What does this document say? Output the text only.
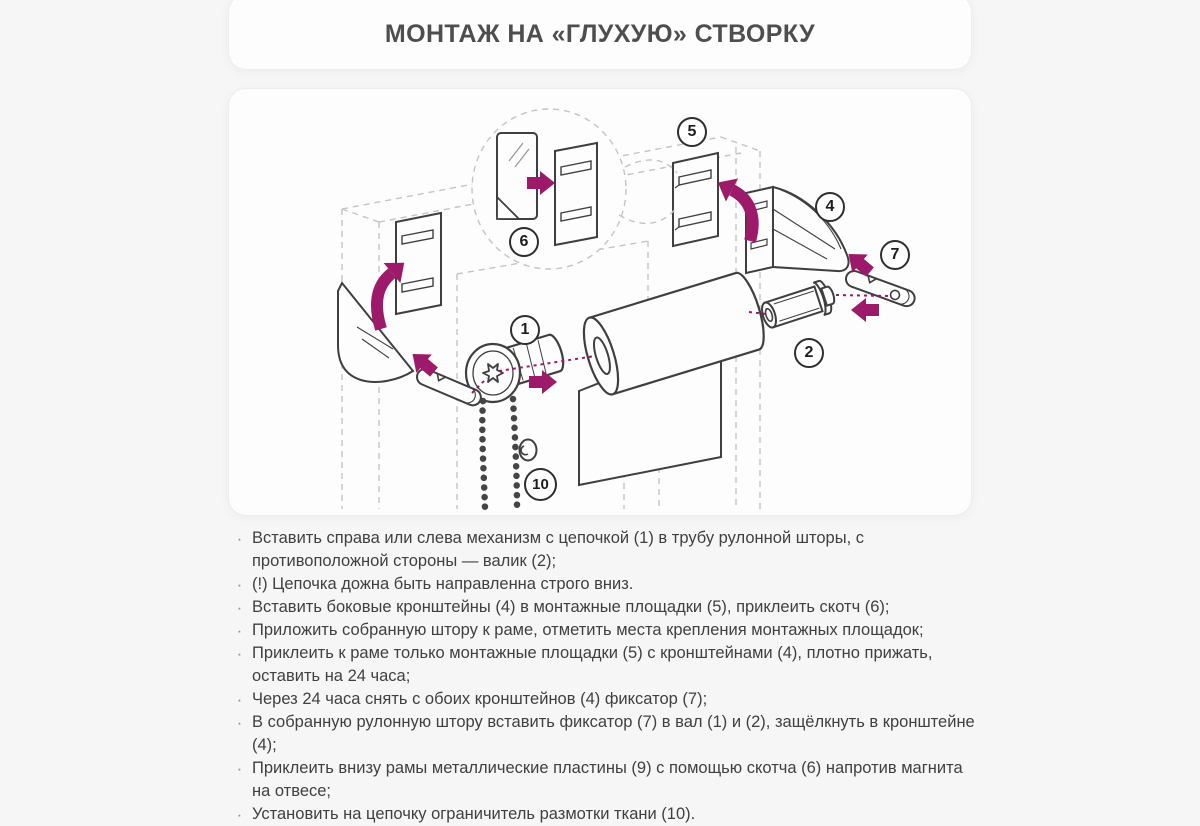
МОНТАЖ НА «ГЛУХУЮ» СТВОРКУ
1
2
4
5
6
7
10
· Вставить справа или слева механизм с цепочкой (1) в трубу рулонной шторы, с противоположной стороны — валик (2);
· (!) Цепочка дожна быть направленна строго вниз.
· Вставить боковые кронштейны (4) в монтажные площадки (5), приклеить скотч (6);
· Приложить собранную штору к раме, отметить места крепления монтажных площадок;
· Приклеить к раме только монтажные площадки (5) с кронштейнами (4), плотно прижать, оставить на 24 часа;
· Через 24 часа снять с обоих кронштейнов (4) фиксатор (7);
· В собранную рулонную штору вставить фиксатор (7) в вал (1) и (2), защёлкнуть в кронштейне (4);
· Приклеить внизу рамы металлические пластины (9) с помощью скотча (6) напротив магнита на отвесе;
· Установить на цепочку ограничитель размотки ткани (10).
